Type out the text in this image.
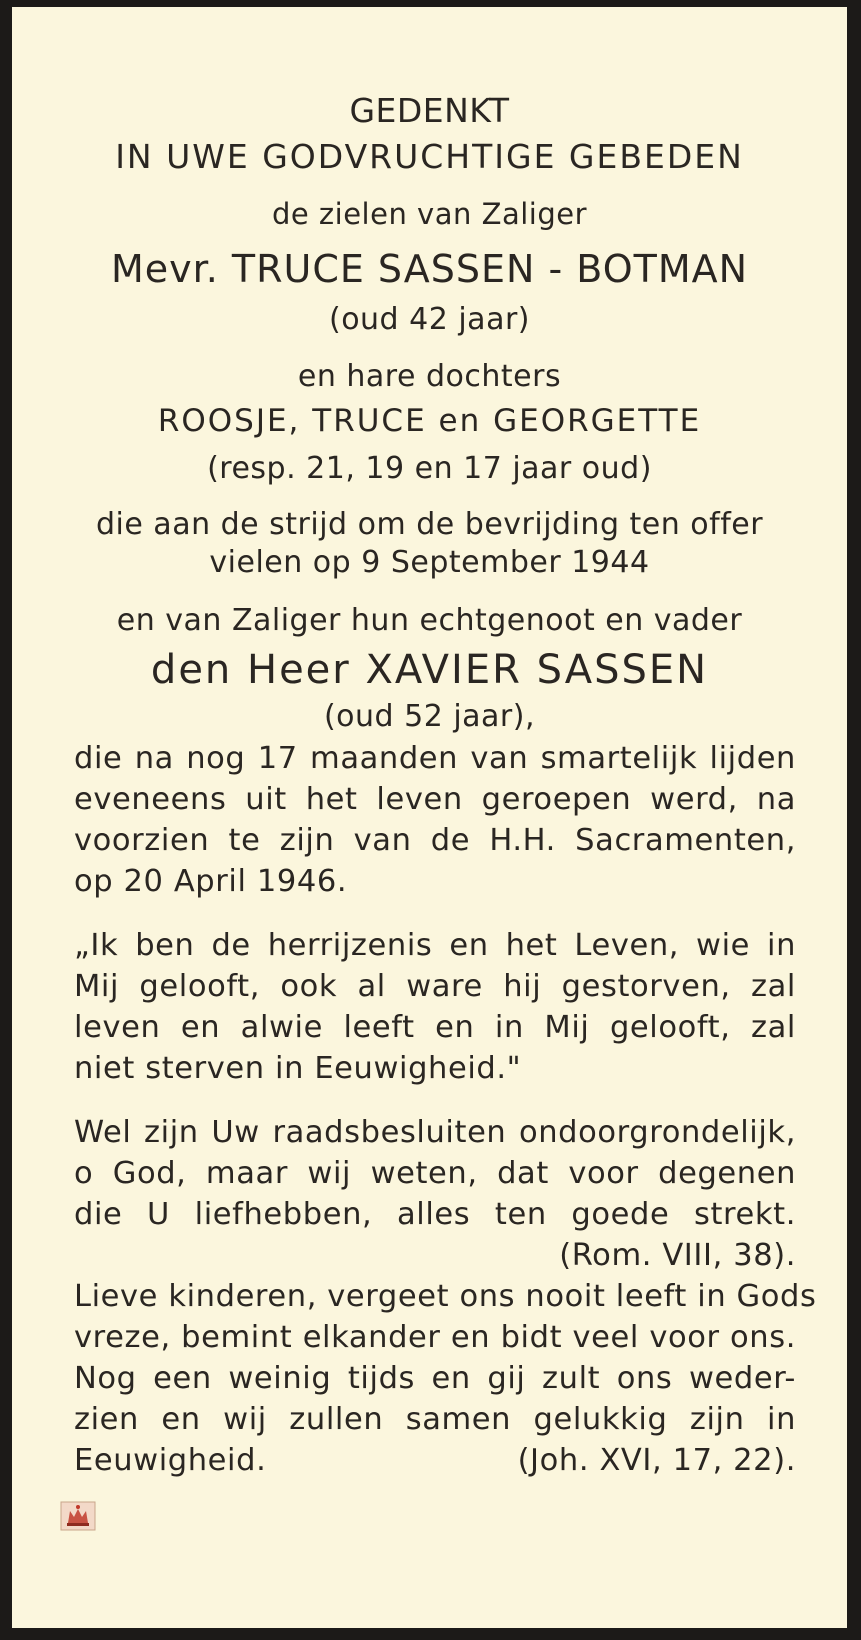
GEDENKT
IN UWE GODVRUCHTIGE GEBEDEN
de zielen van Zaliger
Mevr. TRUCE SASSEN - BOTMAN
(oud 42 jaar)
en hare dochters
ROOSJE, TRUCE en GEORGETTE
(resp. 21, 19 en 17 jaar oud)
die aan de strijd om de bevrijding ten offer
vielen op 9 September 1944
en van Zaliger hun echtgenoot en vader
den Heer XAVIER SASSEN
(oud 52 jaar),
die na nog 17 maanden van smartelijk lijden
eveneens uit het leven geroepen werd, na
voorzien te zijn van de H.H. Sacramenten,
op 20 April 1946.
„Ik ben de herrijzenis en het Leven, wie in
Mij gelooft, ook al ware hij gestorven, zal
leven en alwie leeft en in Mij gelooft, zal
niet sterven in Eeuwigheid."
Wel zijn Uw raadsbesluiten ondoorgrondelijk,
o God, maar wij weten, dat voor degenen
die U liefhebben, alles ten goede strekt.
(Rom. VIII, 38).
Lieve kinderen, vergeet ons nooit leeft in Gods
vreze, bemint elkander en bidt veel voor ons.
Nog een weinig tijds en gij zult ons weder-
zien en wij zullen samen gelukkig zijn in
Eeuwigheid.	(Joh. XVI, 17, 22).
